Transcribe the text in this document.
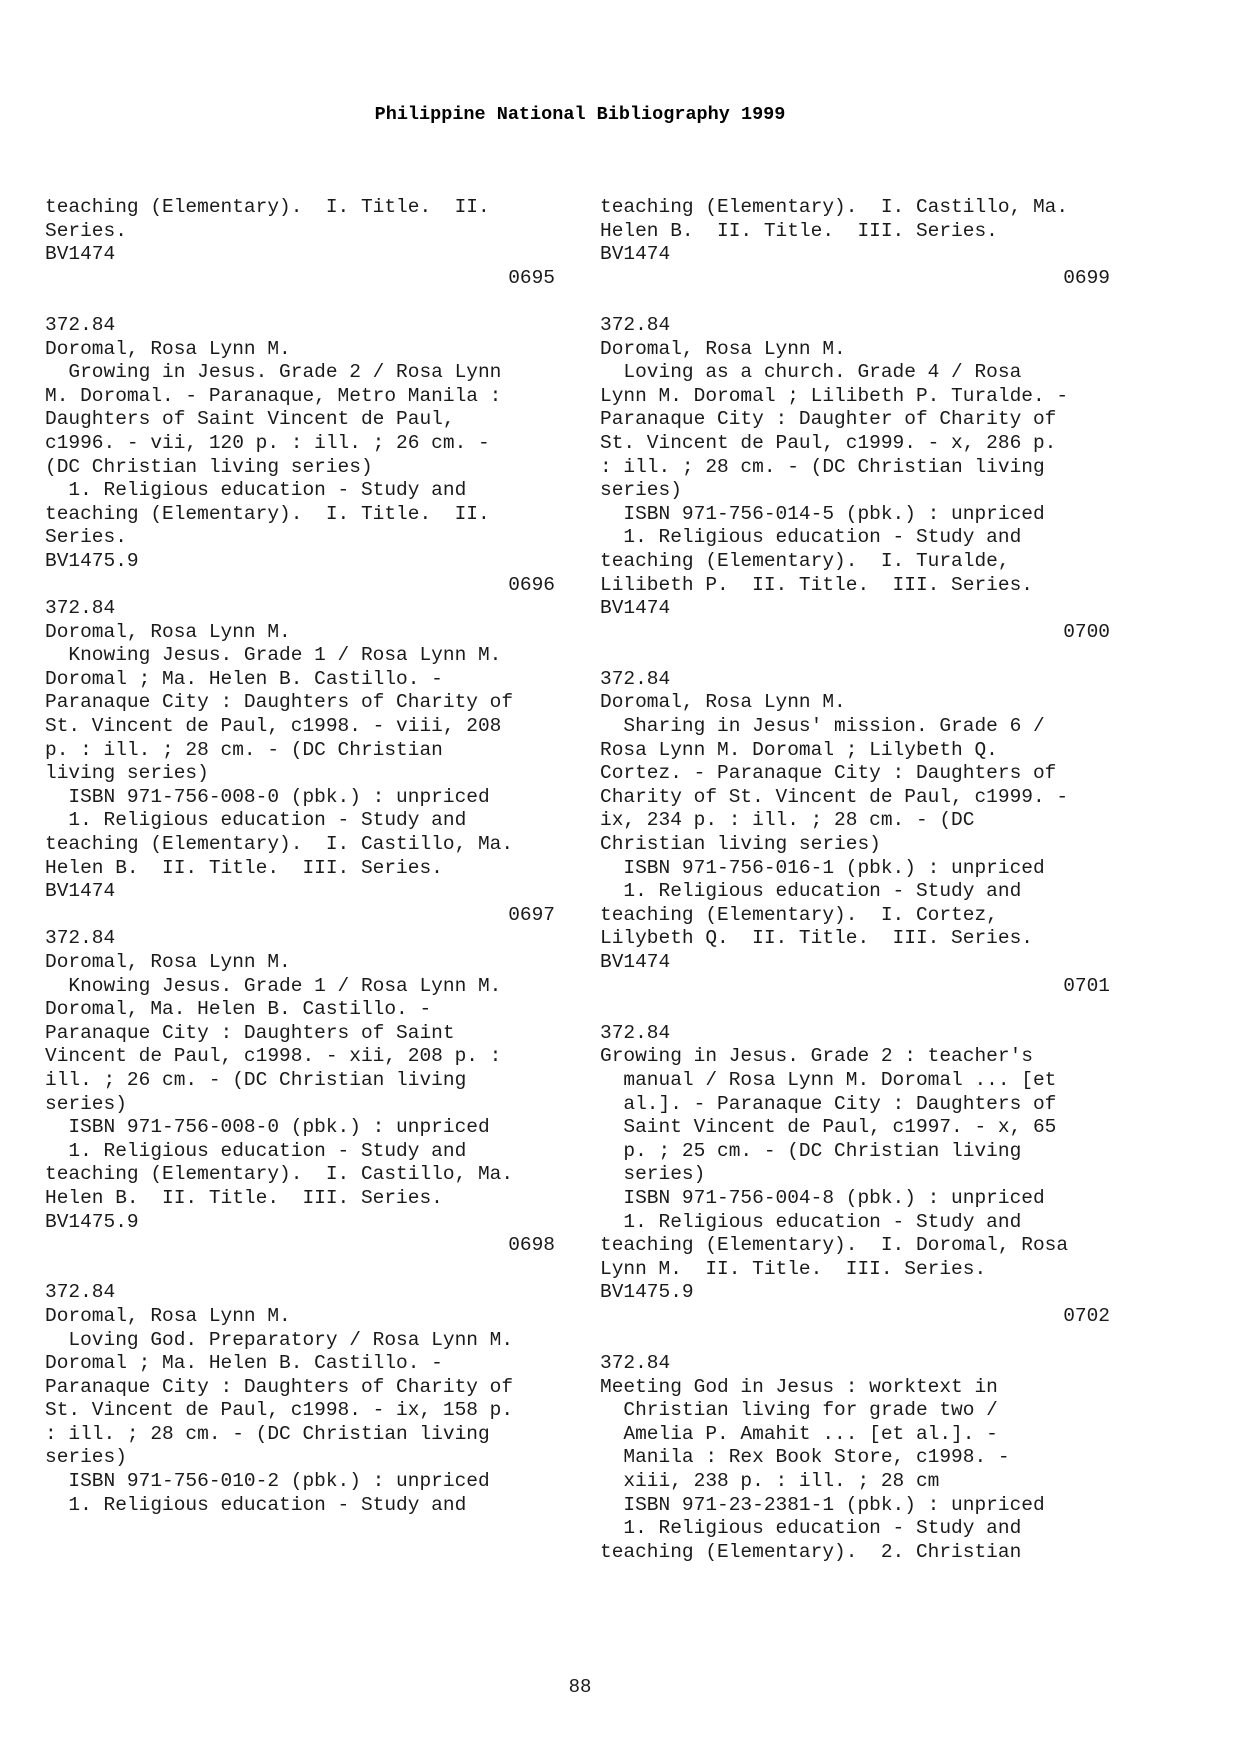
Philippine National Bibliography 1999
teaching (Elementary).  I. Title.  II.
Series.
BV1474
0695
372.84
Doromal, Rosa Lynn M.
Growing in Jesus. Grade 2 / Rosa Lynn
M. Doromal. - Paranaque, Metro Manila :
Daughters of Saint Vincent de Paul,
c1996. - vii, 120 p. : ill. ; 26 cm. -
(DC Christian living series)
1. Religious education - Study and
teaching (Elementary).  I. Title.  II.
Series.
BV1475.9
0696
372.84
Doromal, Rosa Lynn M.
Knowing Jesus. Grade 1 / Rosa Lynn M.
Doromal ; Ma. Helen B. Castillo. -
Paranaque City : Daughters of Charity of
St. Vincent de Paul, c1998. - viii, 208
p. : ill. ; 28 cm. - (DC Christian
living series)
ISBN 971-756-008-0 (pbk.) : unpriced
1. Religious education - Study and
teaching (Elementary).  I. Castillo, Ma.
Helen B.  II. Title.  III. Series.
BV1474
0697
372.84
Doromal, Rosa Lynn M.
Knowing Jesus. Grade 1 / Rosa Lynn M.
Doromal, Ma. Helen B. Castillo. -
Paranaque City : Daughters of Saint
Vincent de Paul, c1998. - xii, 208 p. :
ill. ; 26 cm. - (DC Christian living
series)
ISBN 971-756-008-0 (pbk.) : unpriced
1. Religious education - Study and
teaching (Elementary).  I. Castillo, Ma.
Helen B.  II. Title.  III. Series.
BV1475.9
0698
372.84
Doromal, Rosa Lynn M.
Loving God. Preparatory / Rosa Lynn M.
Doromal ; Ma. Helen B. Castillo. -
Paranaque City : Daughters of Charity of
St. Vincent de Paul, c1998. - ix, 158 p.
: ill. ; 28 cm. - (DC Christian living
series)
ISBN 971-756-010-2 (pbk.) : unpriced
1. Religious education - Study and
teaching (Elementary).  I. Castillo, Ma.
Helen B.  II. Title.  III. Series.
BV1474
0699
372.84
Doromal, Rosa Lynn M.
Loving as a church. Grade 4 / Rosa
Lynn M. Doromal ; Lilibeth P. Turalde. -
Paranaque City : Daughter of Charity of
St. Vincent de Paul, c1999. - x, 286 p.
: ill. ; 28 cm. - (DC Christian living
series)
ISBN 971-756-014-5 (pbk.) : unpriced
1. Religious education - Study and
teaching (Elementary).  I. Turalde,
Lilibeth P.  II. Title.  III. Series.
BV1474
0700
372.84
Doromal, Rosa Lynn M.
Sharing in Jesus' mission. Grade 6 /
Rosa Lynn M. Doromal ; Lilybeth Q.
Cortez. - Paranaque City : Daughters of
Charity of St. Vincent de Paul, c1999. -
ix, 234 p. : ill. ; 28 cm. - (DC
Christian living series)
ISBN 971-756-016-1 (pbk.) : unpriced
1. Religious education - Study and
teaching (Elementary).  I. Cortez,
Lilybeth Q.  II. Title.  III. Series.
BV1474
0701
372.84
Growing in Jesus. Grade 2 : teacher's
manual / Rosa Lynn M. Doromal ... [et
al.]. - Paranaque City : Daughters of
Saint Vincent de Paul, c1997. - x, 65
p. ; 25 cm. - (DC Christian living
series)
ISBN 971-756-004-8 (pbk.) : unpriced
1. Religious education - Study and
teaching (Elementary).  I. Doromal, Rosa
Lynn M.  II. Title.  III. Series.
BV1475.9
0702
372.84
Meeting God in Jesus : worktext in
Christian living for grade two /
Amelia P. Amahit ... [et al.]. -
Manila : Rex Book Store, c1998. -
xiii, 238 p. : ill. ; 28 cm
ISBN 971-23-2381-1 (pbk.) : unpriced
1. Religious education - Study and
teaching (Elementary).  2. Christian
88
